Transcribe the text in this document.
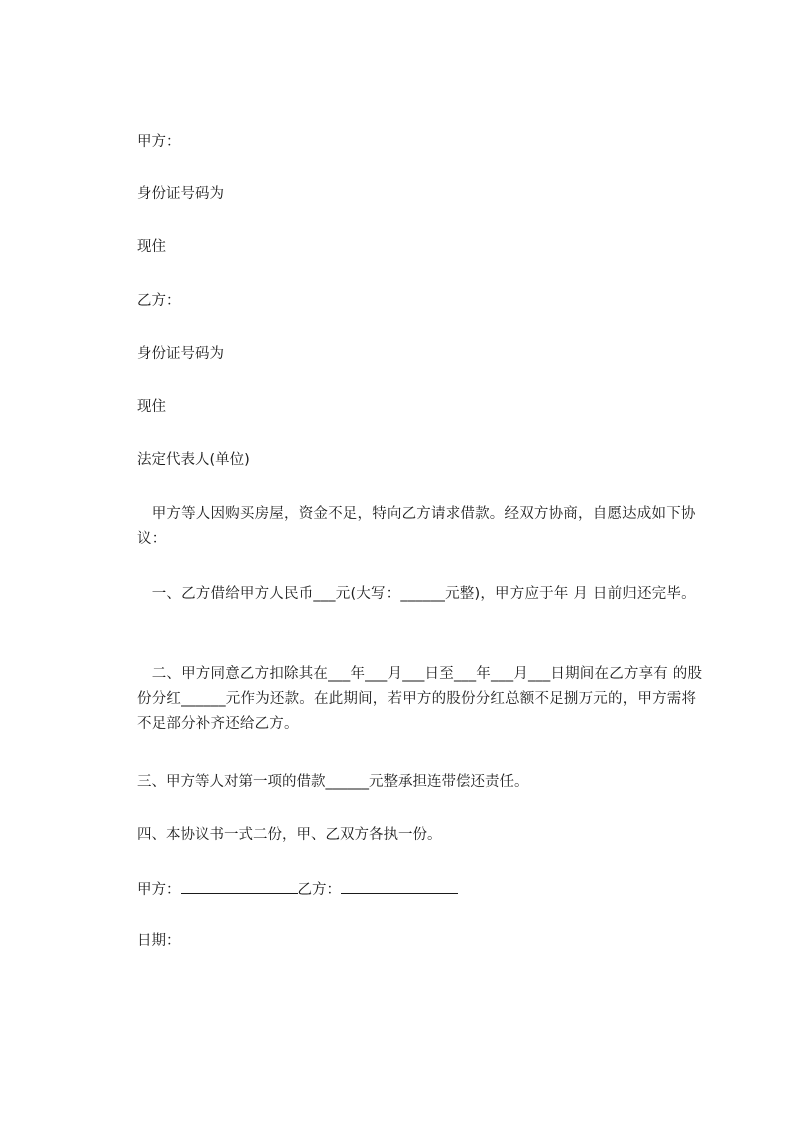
甲方：

身份证号码为

现住

乙方：

身份证号码为

现住

法定代表人(单位)

　甲方等人因购买房屋，资金不足，特向乙方请求借款。经双方协商，自愿达成如下协议：

　一、乙方借给甲方人民币___元(大写：______元整)，甲方应于年 月 日前归还完毕。

　二、甲方同意乙方扣除其在___年___月___日至___年___月___日期间在乙方享有 的股份分红______元作为还款。在此期间，若甲方的股份分红总额不足捌万元的，甲方需将 不足部分补齐还给乙方。

三、甲方等人对第一项的借款______元整承担连带偿还责任。

四、本协议书一式二份，甲、乙双方各执一份。

甲方：	乙方：

日期：
